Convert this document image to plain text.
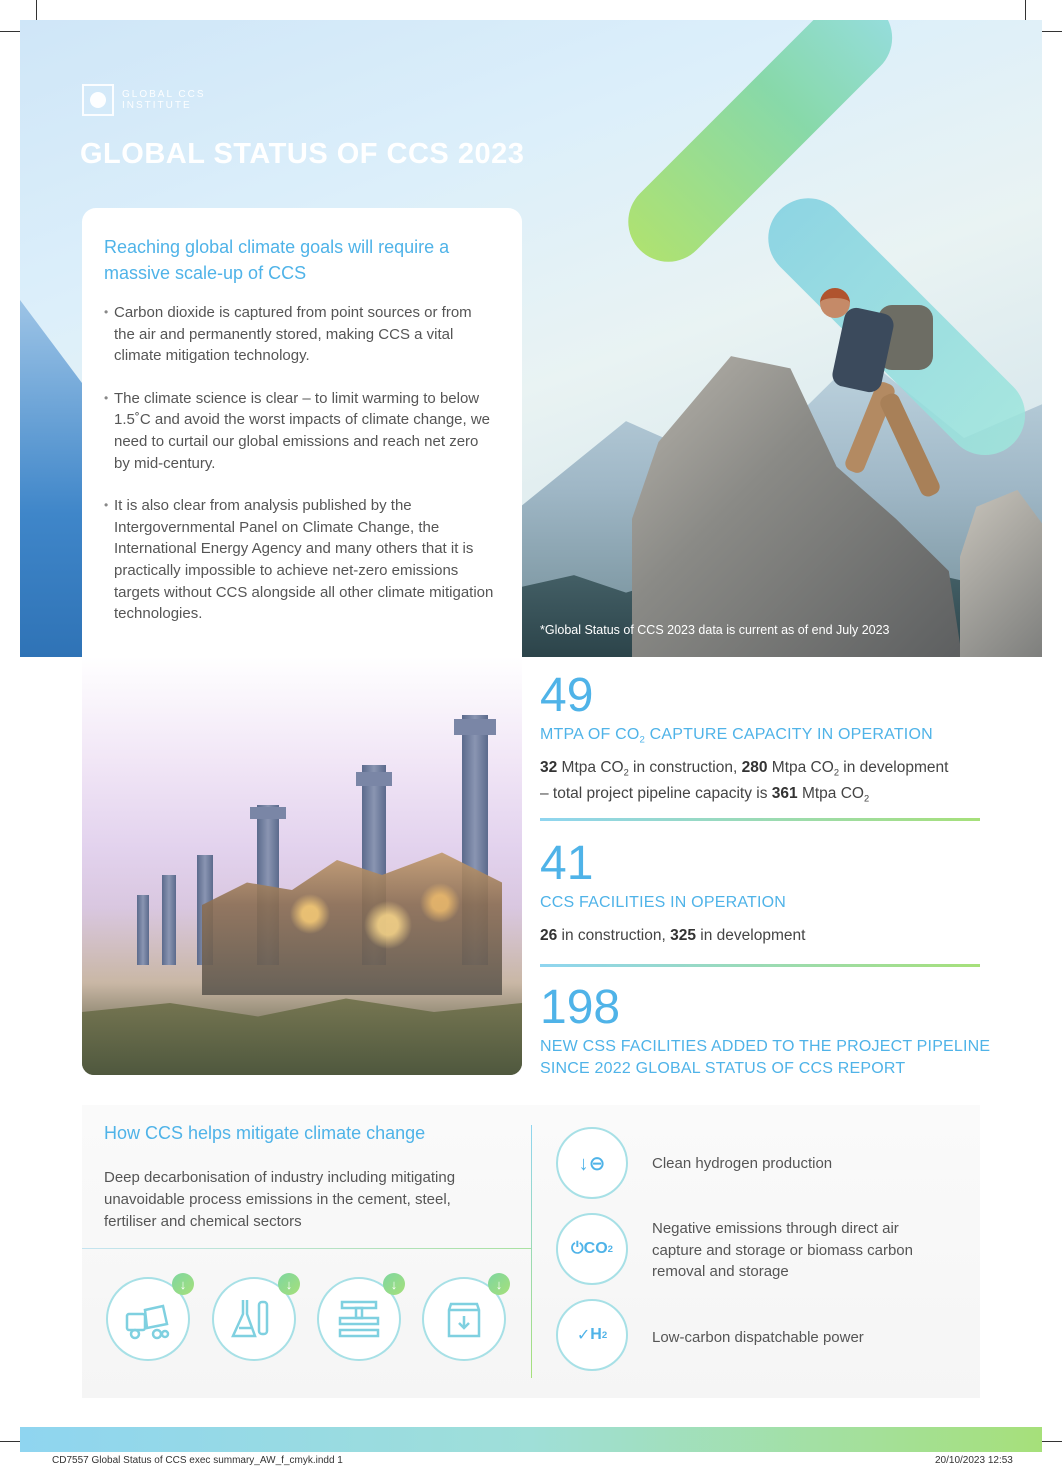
GLOBAL CCS
INSTITUTE
GLOBAL STATUS OF CCS 2023
*Global Status of CCS 2023 data is current as of end July 2023
Reaching global climate goals will require a massive scale-up of CCS
• Carbon dioxide is captured from point sources or from the air and permanently stored, making CCS a vital climate mitigation technology.
• The climate science is clear – to limit warming to below 1.5˚C and avoid the worst impacts of climate change, we need to curtail our global emissions and reach net zero by mid-century.
• It is also clear from analysis published by the Intergovernmental Panel on Climate Change, the International Energy Agency and many others that it is practically impossible to achieve net-zero emissions targets without CCS alongside all other climate mitigation technologies.
49
MTPA OF $CO_2$ CAPTURE CAPACITY IN OPERATION
32 Mtpa $CO_2$ in construction, 280 Mtpa $CO_2$ in development
– total project pipeline capacity is 361 Mtpa $CO_2$
41
CCS FACILITIES IN OPERATION
26 in construction, 325 in development
198
NEW CSS FACILITIES ADDED TO THE PROJECT PIPELINE
SINCE 2022 GLOBAL STATUS OF CCS REPORT
How CCS helps mitigate climate change
Deep decarbonisation of industry including mitigating unavoidable process emissions in the cement, steel, fertiliser and chemical sectors
↓	↓	↓	↓
↓⊖	Clean hydrogen production
⏻ CO 2
Negative emissions through direct air capture and storage or biomass carbon removal and storage
✓ H 2	Low-carbon dispatchable power
CD7557 Global Status of CCS exec summary_AW_f_cmyk.indd 1	20/10/2023 12:53
